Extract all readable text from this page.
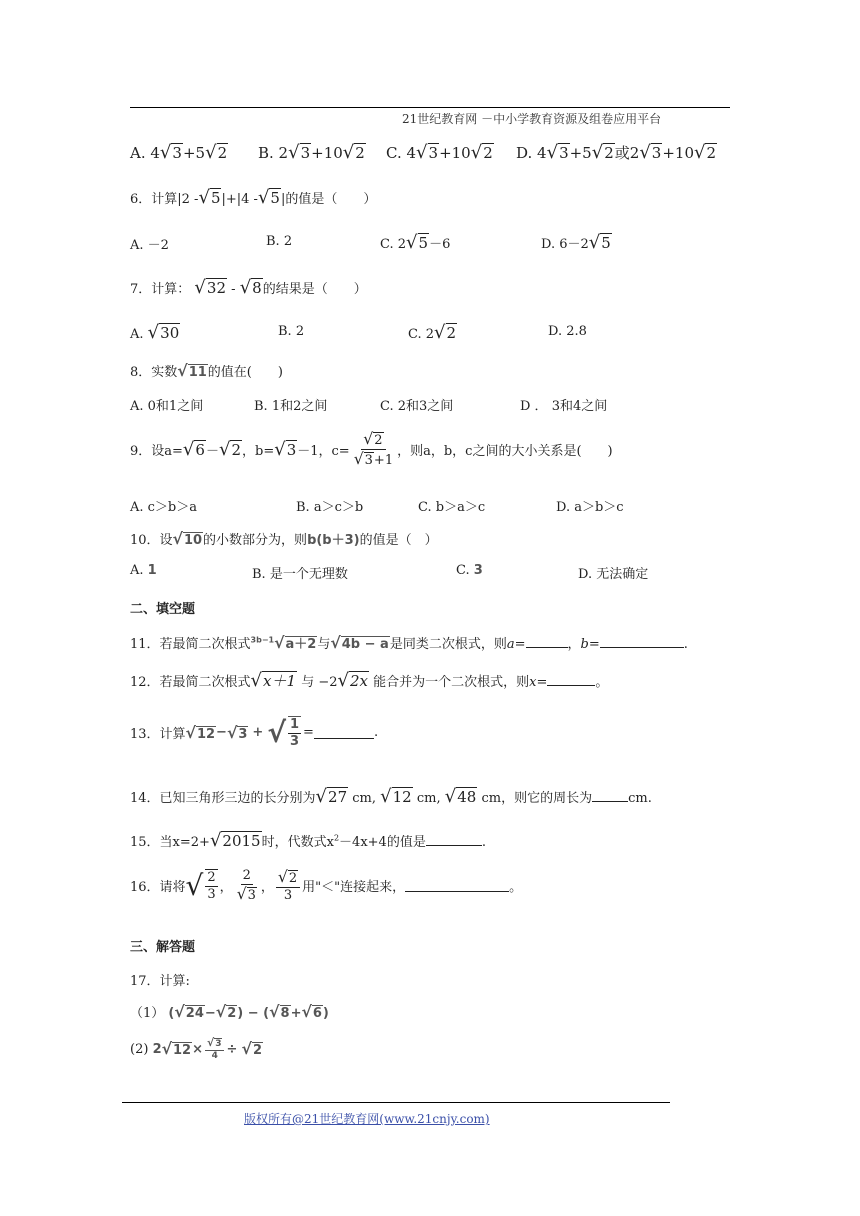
21世纪教育网 －中小学教育资源及组卷应用平台
A. 4√3+5√2 B. 2√3+10√2 C. 4√3+10√2 D. 4√3+5√2或2√3+10√2
6．计算|2 -√5|+|4 -√5|的值是（　　）
A. －2	B. 2	C. 2√5－6	D. 6－2√5
7．计算： √32 - √8的结果是（　　）
A. √30	B. 2	C. 2√2	D. 2.8
8．实数√11的值在(　　)
A. 0和1之间	B. 1和2之间	C. 2和3之间	D ． 3和4之间
9．设a= √6 － √2 ，b= √3 －1，$c= \frac{√2}{√3+1}$ ，则a，b，c之间的大小关系是(　　)
A. c＞b＞a	B. a＞c＞b	C. b＞a＞c	D. a＞b＞c
10．设√10的小数部分为，则b(b＋3)的值是（　）
A. 1	B. 是一个无理数	C. 3	D. 无法确定
二、填空题
11．若最简二次根式$^{3b-1}$√a＋2与√4b − a是同类二次根式，则a=	，b=	.
12．若最简二次根式√x＋1 与 −2√2x 能合并为一个二次根式，则x=	。
13．计算 √12 − √3 + √ $\frac{1}{3}$ =	.
14．已知三角形三边的长分别为√27 cm, √12 cm, √48 cm，则它的周长为	cm.
15．当x=2+√2015时，代数式$x^2-4x+4$的值是	.
16．请将 √ $\frac{2}{3}$ ， $\frac{2}{√3}$ ， $\frac{√2}{3}$ 用"＜"连接起来，	。
三、解答题
17．计算:
（1） (√24−√2) − (√8+√6)
(2)
2 $√12 \times \frac{√3}{4}$ ÷
√2
版权所有@21世纪教育网(www.21cnjy.com)
